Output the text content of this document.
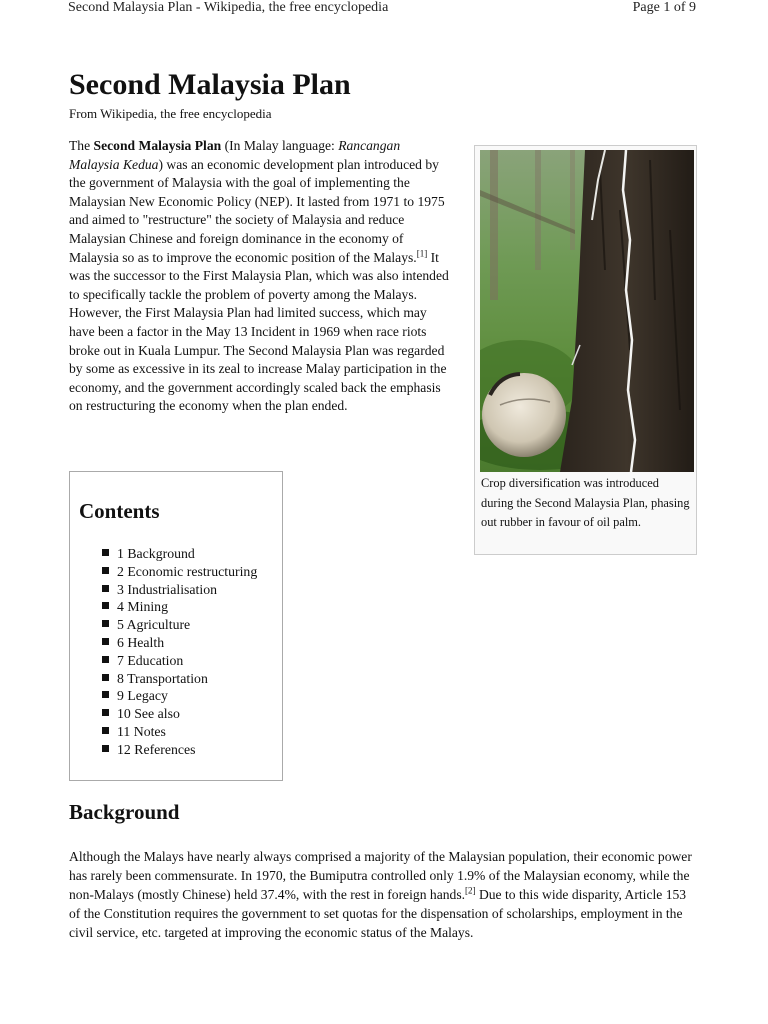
Second Malaysia Plan - Wikipedia, the free encyclopedia	Page 1 of 9
Second Malaysia Plan
From Wikipedia, the free encyclopedia

The Second Malaysia Plan (In Malay language: Rancangan Malaysia Kedua) was an economic development plan introduced by the government of Malaysia with the goal of implementing the Malaysian New Economic Policy (NEP). It lasted from 1971 to 1975 and aimed to "restructure" the society of Malaysia and reduce Malaysian Chinese and foreign dominance in the economy of Malaysia so as to improve the economic position of the Malays.[1] It was the successor to the First Malaysia Plan, which was also intended to specifically tackle the problem of poverty among the Malays. However, the First Malaysia Plan had limited success, which may have been a factor in the May 13 Incident in 1969 when race riots broke out in Kuala Lumpur. The Second Malaysia Plan was regarded by some as excessive in its zeal to increase Malay participation in the economy, and the government accordingly scaled back the emphasis on restructuring the economy when the plan ended.

Crop diversification was introduced during the Second Malaysia Plan, phasing out rubber in favour of oil palm.
Contents
1 Background
2 Economic restructuring
3 Industrialisation
4 Mining
5 Agriculture
6 Health
7 Education
8 Transportation
9 Legacy
10 See also
11 Notes
12 References
Background

Although the Malays have nearly always comprised a majority of the Malaysian population, their economic power has rarely been commensurate. In 1970, the Bumiputra controlled only 1.9% of the Malaysian economy, while the non-Malays (mostly Chinese) held 37.4%, with the rest in foreign hands.[2] Due to this wide disparity, Article 153 of the Constitution requires the government to set quotas for the dispensation of scholarships, employment in the civil service, etc. targeted at improving the economic status of the Malays.
